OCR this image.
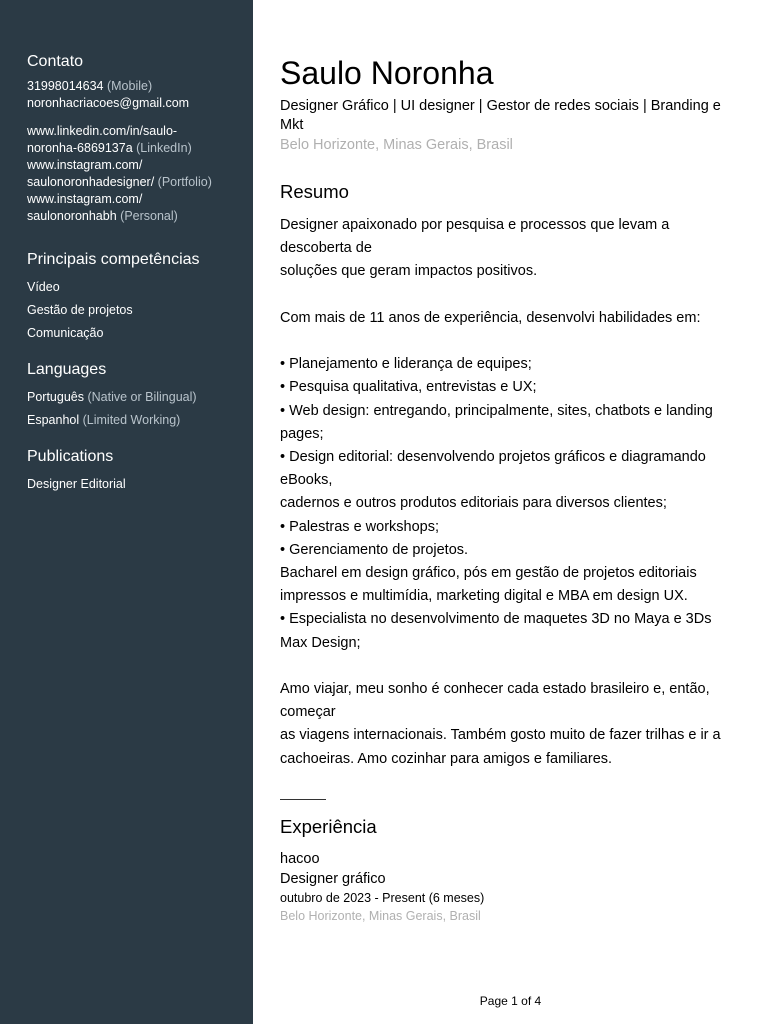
Contato
31998014634 (Mobile)
noronhacriacoes@gmail.com
www.linkedin.com/in/saulo-
noronha-6869137a (LinkedIn)
www.instagram.com/
saulonoronhadesigner/ (Portfolio)
www.instagram.com/
saulonoronhabh (Personal)
Principais competências
Vídeo
Gestão de projetos
Comunicação
Languages
Português (Native or Bilingual)
Espanhol (Limited Working)
Publications
Designer Editorial
Saulo Noronha
Designer Gráfico | UI designer | Gestor de redes sociais | Branding e
Mkt
Belo Horizonte, Minas Gerais, Brasil
Resumo

Designer apaixonado por pesquisa e processos que levam a

descoberta de

soluções que geram impactos positivos.

Com mais de 11 anos de experiência, desenvolvi habilidades em:

• Planejamento e liderança de equipes;

• Pesquisa qualitativa, entrevistas e UX;

• Web design: entregando, principalmente, sites, chatbots e landing

pages;

• Design editorial: desenvolvendo projetos gráficos e diagramando

eBooks,

cadernos e outros produtos editoriais para diversos clientes;

• Palestras e workshops;

• Gerenciamento de projetos.

Bacharel em design gráfico, pós em gestão de projetos editoriais

impressos e multimídia, marketing digital e MBA em design UX.

• Especialista no desenvolvimento de maquetes 3D no Maya e 3Ds

Max Design;

Amo viajar, meu sonho é conhecer cada estado brasileiro e, então,

começar

as viagens internacionais. Também gosto muito de fazer trilhas e ir a

cachoeiras. Amo cozinhar para amigos e familiares.

Experiência
hacoo
Designer gráfico
outubro de 2023 - Present (6 meses)
Belo Horizonte, Minas Gerais, Brasil
Page 1 of 4
